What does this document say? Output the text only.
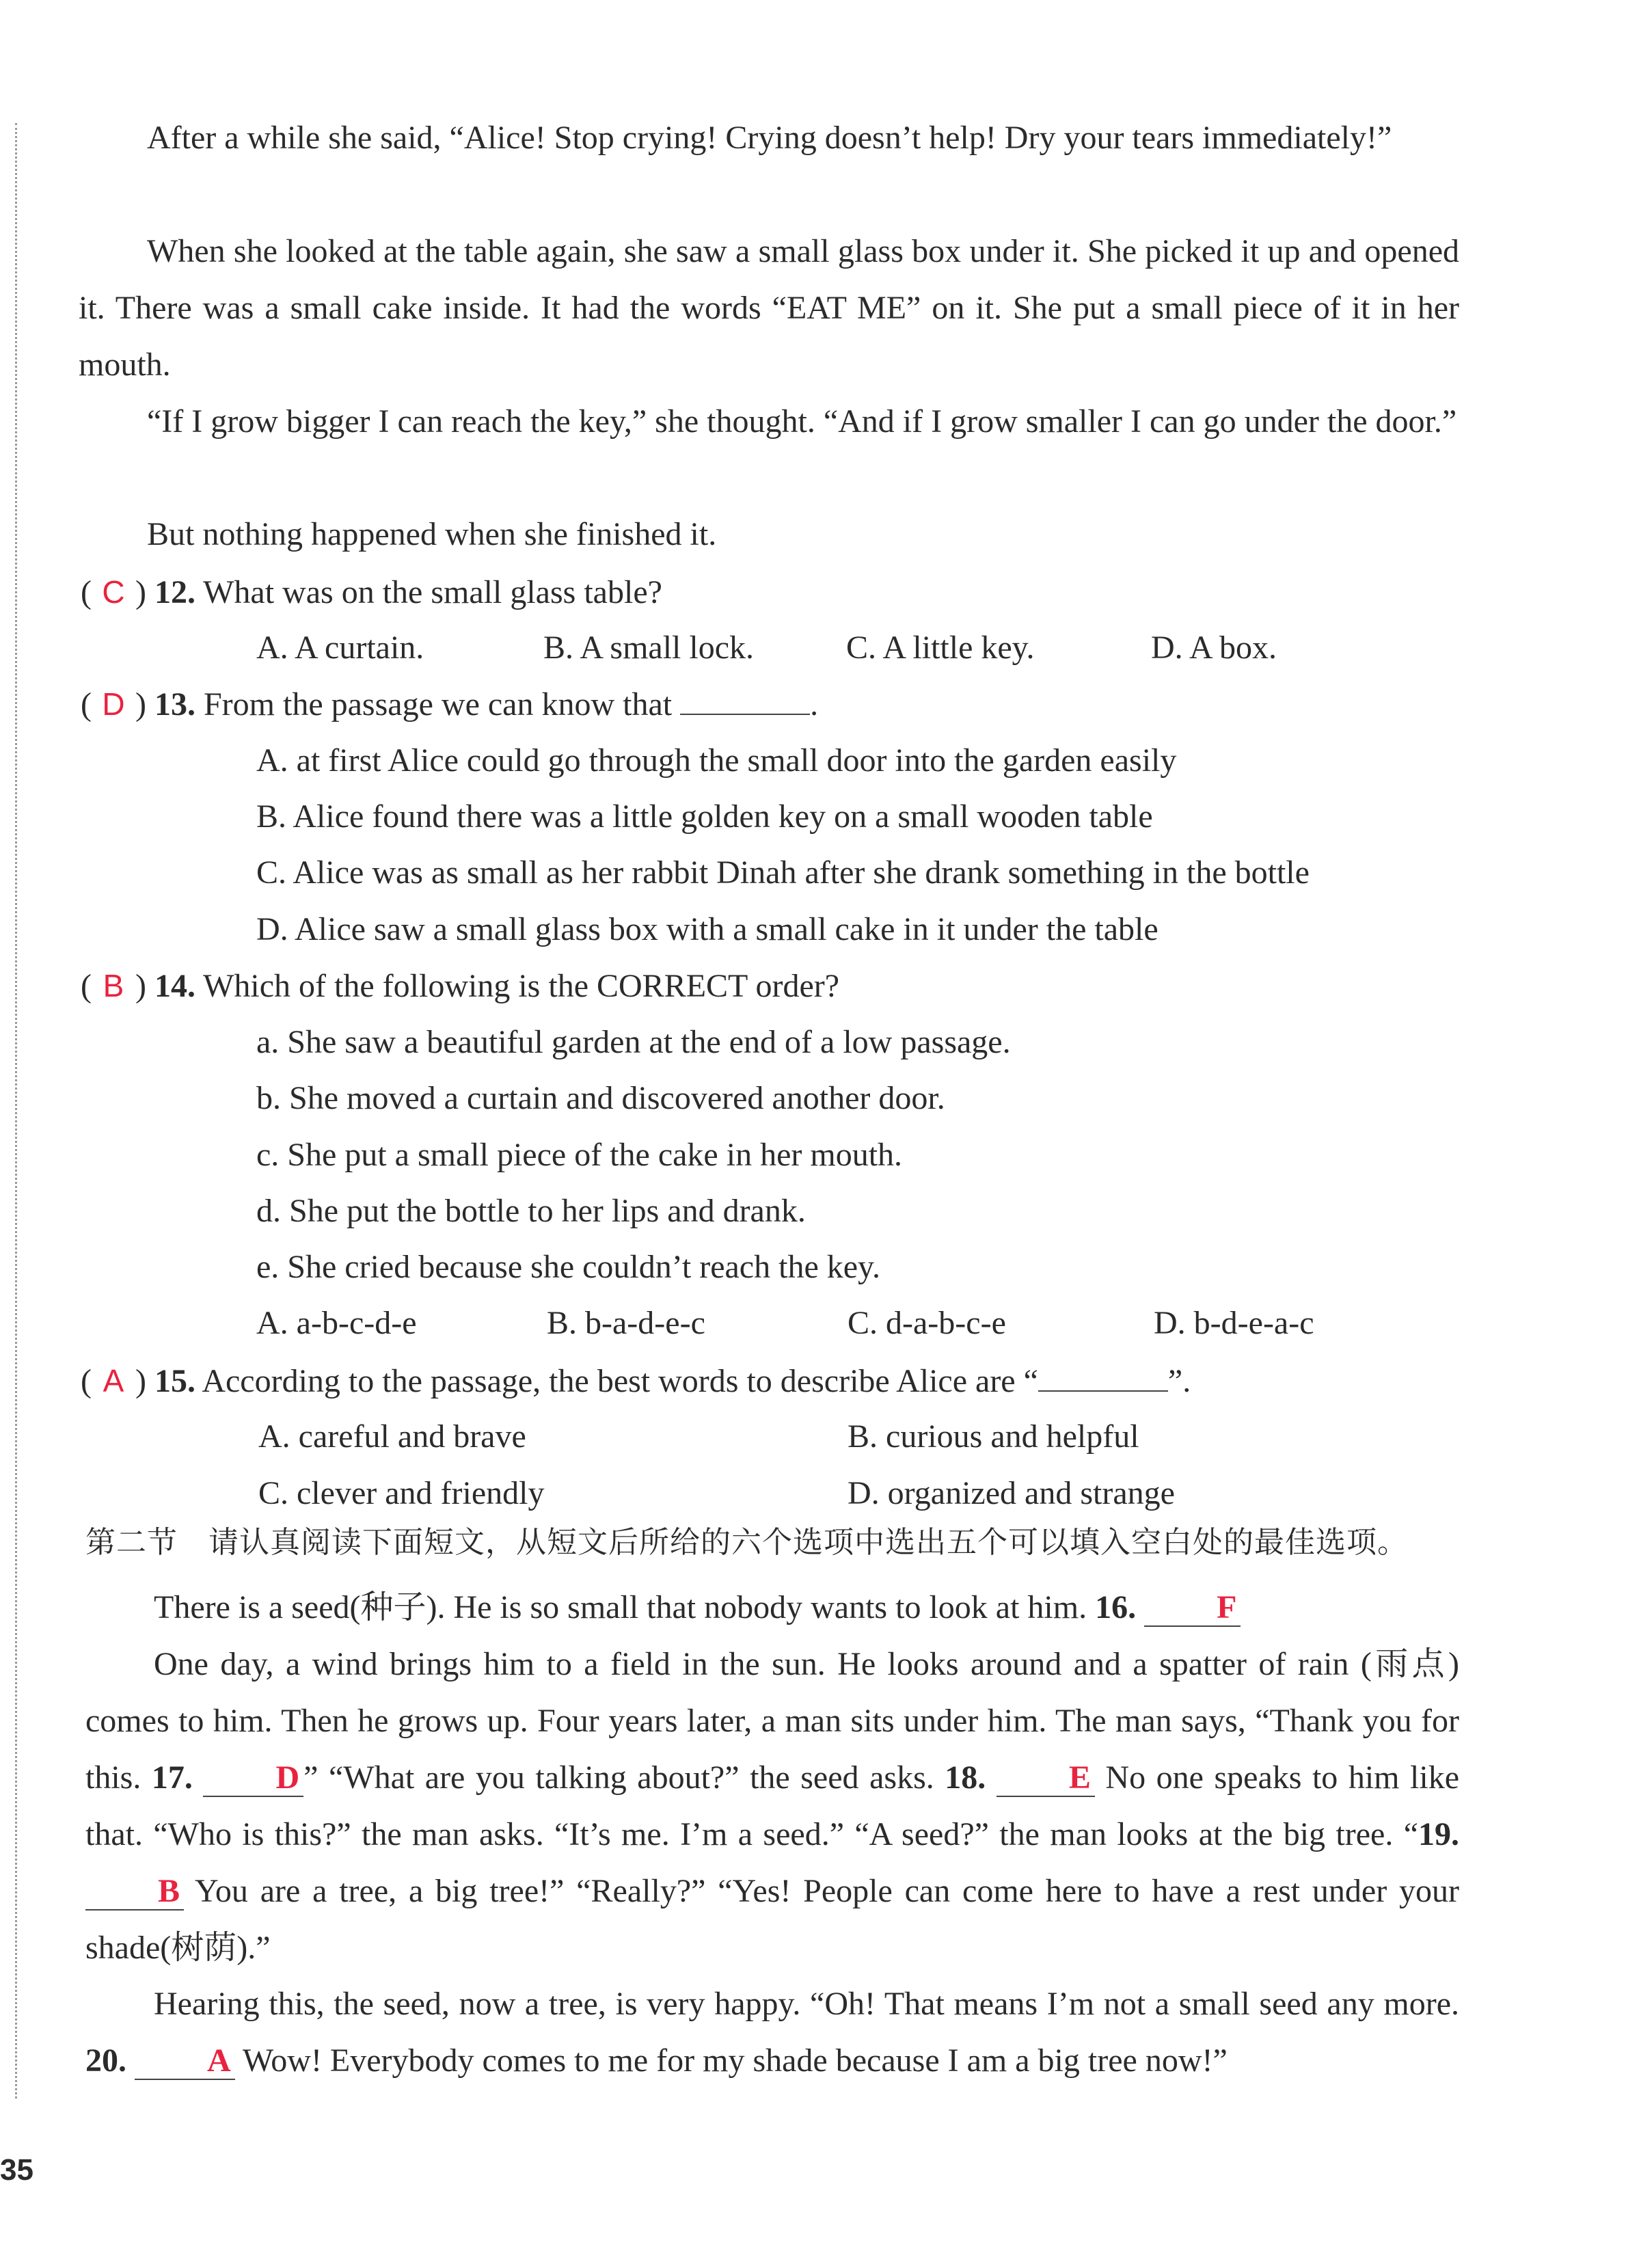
After a while she said, “Alice! Stop crying! Crying doesn’t help! Dry your tears immediately!”
When she looked at the table again, she saw a small glass box under it. She picked it up and opened it. There was a small cake inside. It had the words “EAT ME” on it. She put a small piece of it in her mouth.
“If I grow bigger I can reach the key,” she thought. “And if I grow smaller I can go under the door.”
But nothing happened when she finished it.
( C ) 12. What was on the small glass table?
A. A curtain.	B. A small lock.	C. A little key.	D. A box.
( D ) 13. From the passage we can know that	.
A. at first Alice could go through the small door into the garden easily
B. Alice found there was a little golden key on a small wooden table
C. Alice was as small as her rabbit Dinah after she drank something in the bottle
D. Alice saw a small glass box with a small cake in it under the table
( B ) 14. Which of the following is the CORRECT order?
a. She saw a beautiful garden at the end of a low passage.
b. She moved a curtain and discovered another door.
c. She put a small piece of the cake in her mouth.
d. She put the bottle to her lips and drank.
e. She cried because she couldn’t reach the key.
A. a-b-c-d-e	B. b-a-d-e-c	C. d-a-b-c-e	D. b-d-e-a-c
( A ) 15. According to the passage, the best words to describe Alice are “	”.
A. careful and brave	B. curious and helpful
C. clever and friendly	D. organized and strange
第二节　请认真阅读下面短文，从短文后所给的六个选项中选出五个可以填入空白处的最佳选项。
There is a seed(种子). He is so small that nobody wants to look at him. 16. F
One day, a wind brings him to a field in the sun. He looks around and a spatter of rain (雨点) comes to him. Then he grows up. Four years later, a man sits under him. The man says, “Thank you for this. 17.	D ” “What are you talking about?” the seed asks. 18.	E No one speaks to him like that. “Who is this?” the man asks. “It’s me. I’m a seed.” “A seed?” the man looks at the big tree. “19. B You are a tree, a big tree!” “Really?” “Yes! People can come here to have a rest under your shade(树荫).”
Hearing this, the seed, now a tree, is very happy. “Oh! That means I’m not a small seed any more. 20. A Wow! Everybody comes to me for my shade because I am a big tree now!”
35
